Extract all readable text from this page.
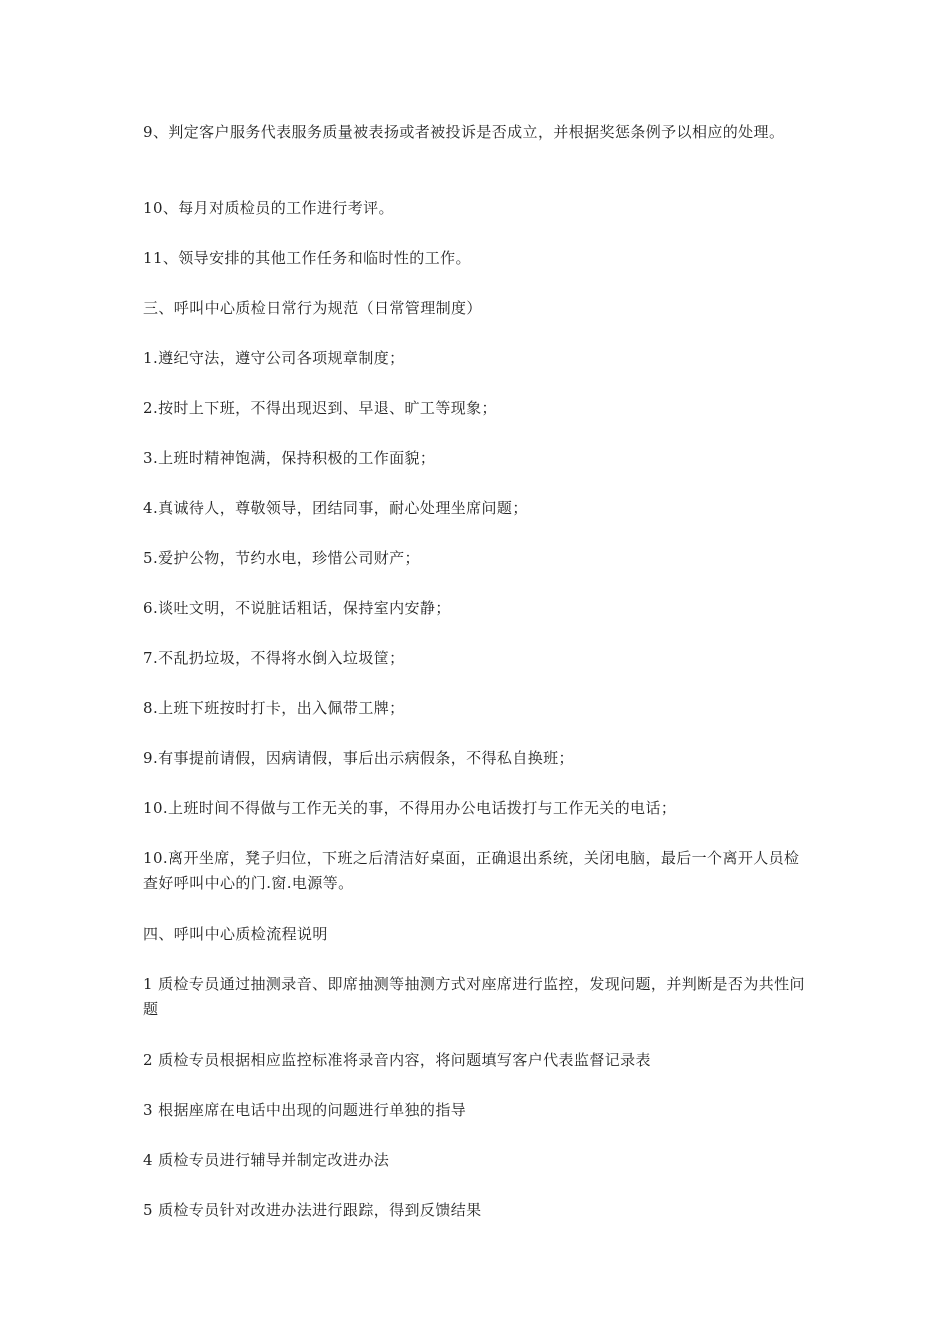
9、判定客户服务代表服务质量被表扬或者被投诉是否成立，并根据奖惩条例予以相应的处理。

10、每月对质检员的工作进行考评。

11、领导安排的其他工作任务和临时性的工作。

三、呼叫中心质检日常行为规范（日常管理制度）

1.遵纪守法，遵守公司各项规章制度；

2.按时上下班，不得出现迟到、早退、旷工等现象；

3.上班时精神饱满，保持积极的工作面貌；

4.真诚待人，尊敬领导，团结同事，耐心处理坐席问题；

5.爱护公物，节约水电，珍惜公司财产；

6.谈吐文明，不说脏话粗话，保持室内安静；

7.不乱扔垃圾，不得将水倒入垃圾筐；

8.上班下班按时打卡，出入佩带工牌；

9.有事提前请假，因病请假，事后出示病假条，不得私自换班；

10.上班时间不得做与工作无关的事，不得用办公电话拨打与工作无关的电话；

10.离开坐席，凳子归位，下班之后清洁好桌面，正确退出系统，关闭电脑，最后一个离开人员检查好呼叫中心的门.窗.电源等。

四、呼叫中心质检流程说明

1 质检专员通过抽测录音、即席抽测等抽测方式对座席进行监控，发现问题，并判断是否为共性问题

2 质检专员根据相应监控标准将录音内容，将问题填写客户代表监督记录表

3 根据座席在电话中出现的问题进行单独的指导

4 质检专员进行辅导并制定改进办法

5 质检专员针对改进办法进行跟踪，得到反馈结果
